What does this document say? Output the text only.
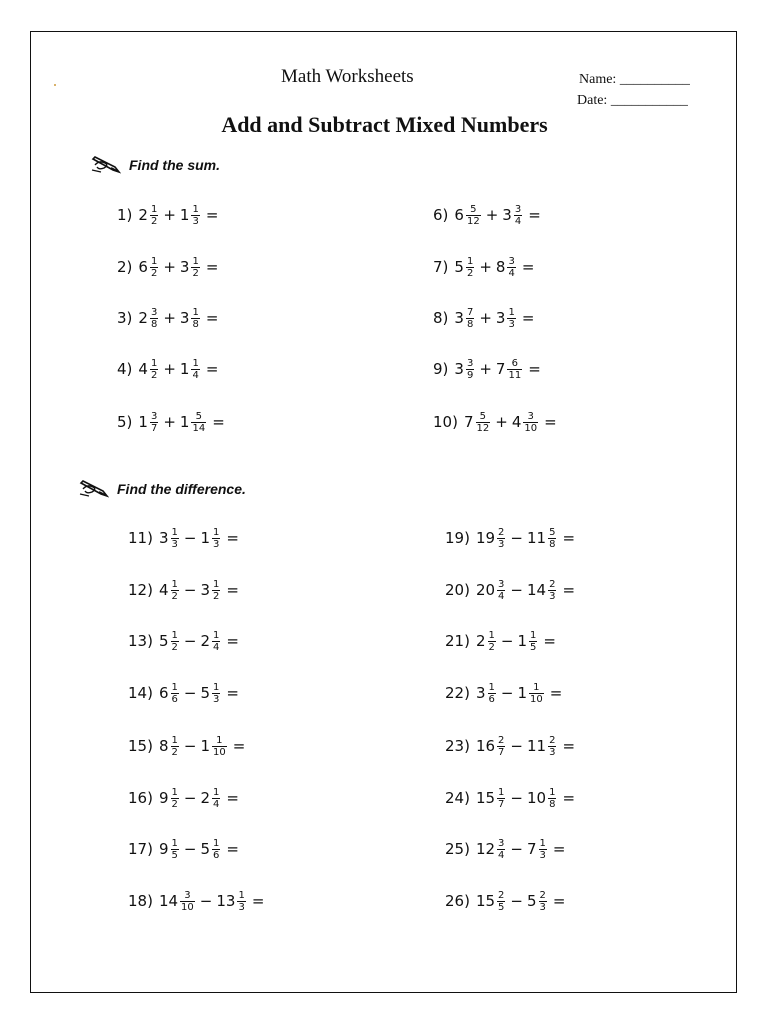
Math Worksheets	Name: __________
Date: ___________
Add and Subtract Mixed Numbers
Find the sum.
Find the difference.
1) $2 \frac{1}{2} + 1 \frac{1}{3}$ =
2) $6 \frac{1}{2} + 3 \frac{1}{2}$ =
3) $2 \frac{3}{8} + 3 \frac{1}{8}$ =
4) $4 \frac{1}{2} + 1 \frac{1}{4}$ =
5) $1 \frac{3}{7} + 1 \frac{5}{14}$ =
6) $6 \frac{5}{12} + 3 \frac{3}{4}$ =
7) $5 \frac{1}{2} + 8 \frac{3}{4}$ =
8) $3 \frac{7}{8} + 3 \frac{1}{3}$ =
9) $3 \frac{3}{9} + 7 \frac{6}{11}$ =
10) $7 \frac{5}{12} + 4 \frac{3}{10}$ =
11) $3 \frac{1}{3} - 1 \frac{1}{3}$ =
12) $4 \frac{1}{2} - 3 \frac{1}{2}$ =
13) $5 \frac{1}{2} - 2 \frac{1}{4}$ =
14) $6 \frac{1}{6} - 5 \frac{1}{3}$ =
15) $8 \frac{1}{2} - 1 \frac{1}{10}$ =
16) $9 \frac{1}{2} - 2 \frac{1}{4}$ =
17) $9 \frac{1}{5} - 5 \frac{1}{6}$ =
18) $14 \frac{3}{10} - 13 \frac{1}{3}$ =
19) $19 \frac{2}{3} - 11 \frac{5}{8}$ =
20) $20 \frac{3}{4} - 14 \frac{2}{3}$ =
21) $2 \frac{1}{2} - 1 \frac{1}{5}$ =
22) $3 \frac{1}{6} - 1 \frac{1}{10}$ =
23) $16 \frac{2}{7} - 11 \frac{2}{3}$ =
24) $15 \frac{1}{7} - 10 \frac{1}{8}$ =
25) $12 \frac{3}{4} - 7 \frac{1}{3}$ =
26) $15 \frac{2}{5} - 5 \frac{2}{3}$ =
